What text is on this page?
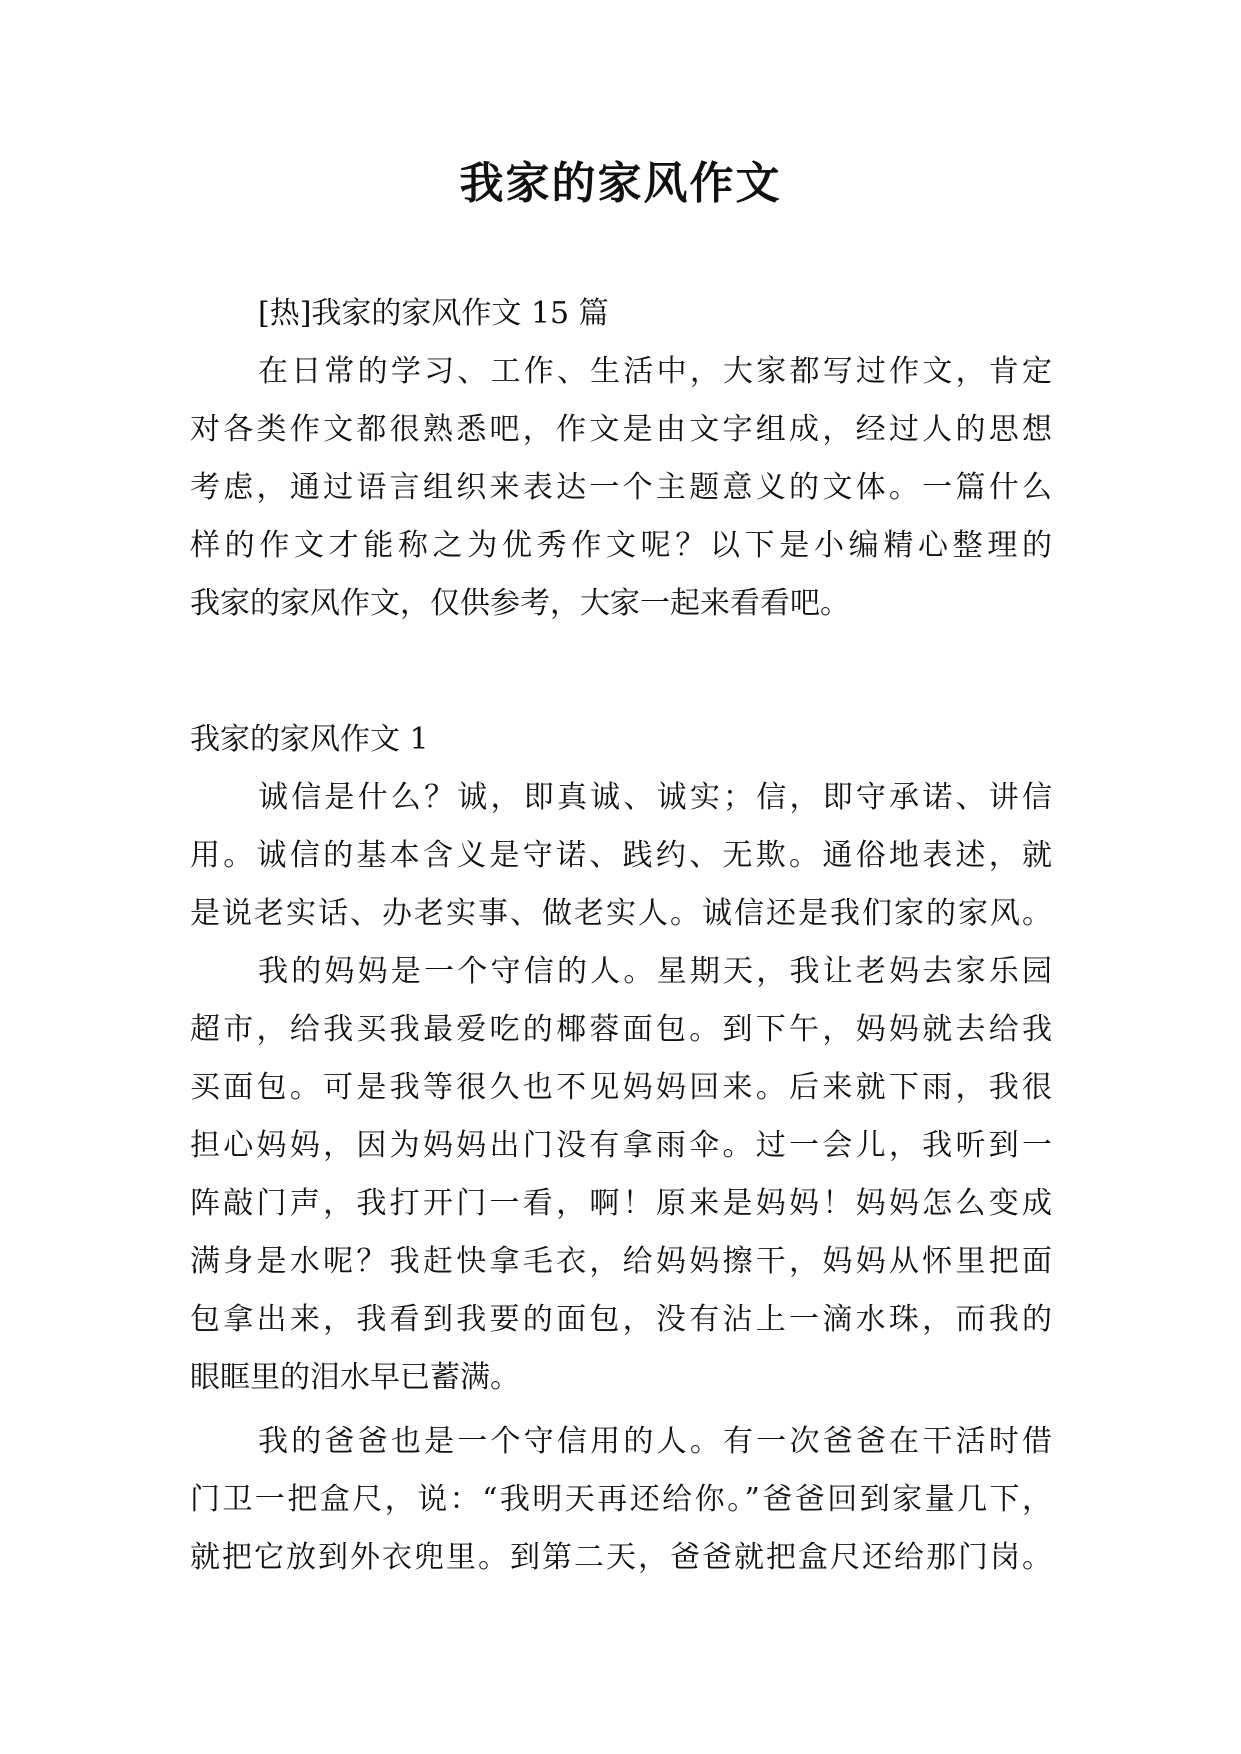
我家的家风作文

[热]我家的家风作文 15 篇

在日常的学习、工作、生活中，大家都写过作文，肯定

对各类作文都很熟悉吧，作文是由文字组成，经过人的思想

考虑，通过语言组织来表达一个主题意义的文体。一篇什么

样的作文才能称之为优秀作文呢？以下是小编精心整理的

我家的家风作文，仅供参考，大家一起来看看吧。

我家的家风作文 1

诚信是什么？诚，即真诚、诚实；信，即守承诺、讲信

用。诚信的基本含义是守诺、践约、无欺。通俗地表述，就

是说老实话、办老实事、做老实人。诚信还是我们家的家风。

我的妈妈是一个守信的人。星期天，我让老妈去家乐园

超市，给我买我最爱吃的椰蓉面包。到下午，妈妈就去给我

买面包。可是我等很久也不见妈妈回来。后来就下雨，我很

担心妈妈，因为妈妈出门没有拿雨伞。过一会儿，我听到一

阵敲门声，我打开门一看，啊！原来是妈妈！妈妈怎么变成

满身是水呢？我赶快拿毛衣，给妈妈擦干，妈妈从怀里把面

包拿出来，我看到我要的面包，没有沾上一滴水珠，而我的

眼眶里的泪水早已蓄满。

我的爸爸也是一个守信用的人。有一次爸爸在干活时借

门卫一把盒尺，说：“我明天再还给你。”爸爸回到家量几下，

就把它放到外衣兜里。到第二天，爸爸就把盒尺还给那门岗。
